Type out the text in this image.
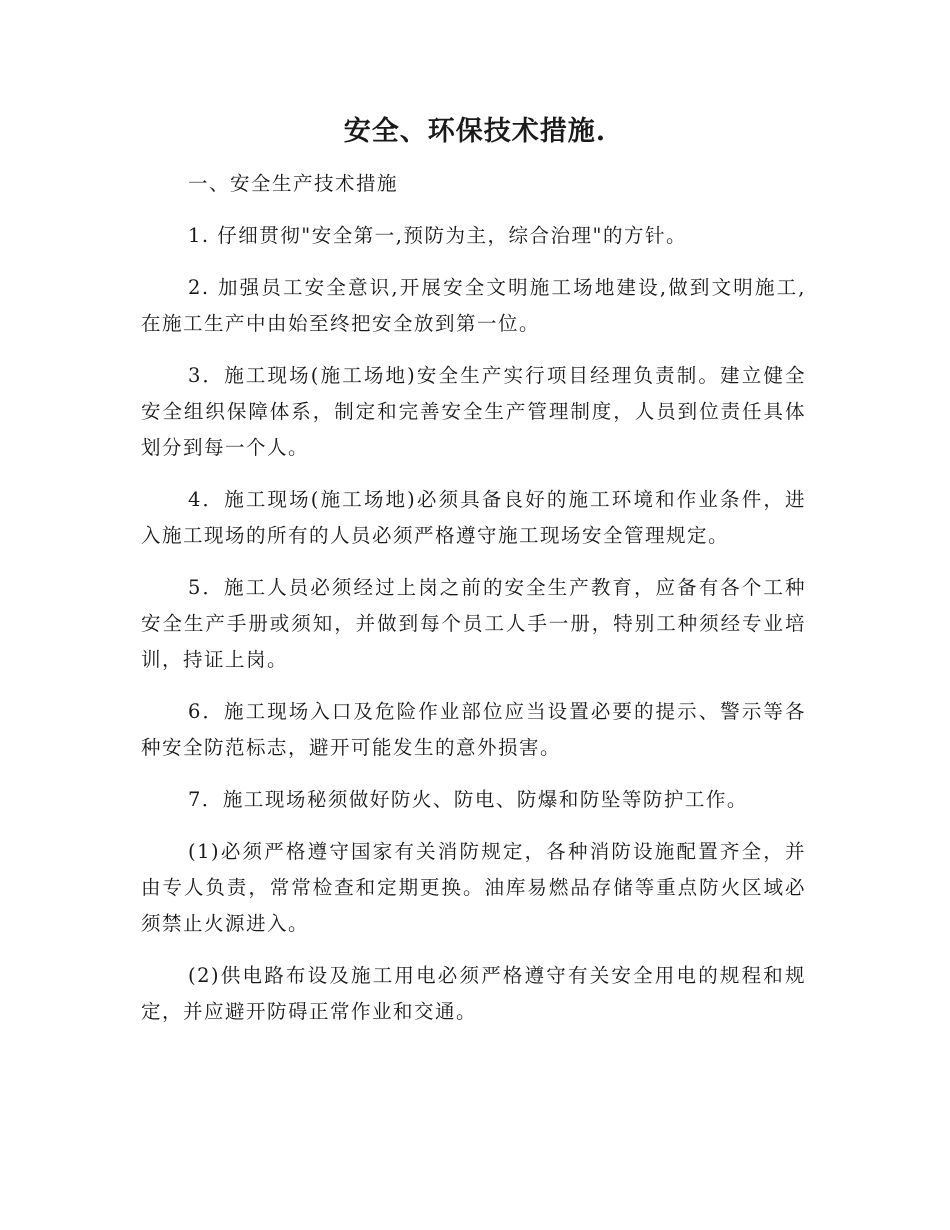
安全、环保技术措施.

一、安全生产技术措施

1. 仔细贯彻"安全第一,预防为主，综合治理"的方针。

2. 加强员工安全意识,开展安全文明施工场地建设,做到文明施工,在施工生产中由始至终把安全放到第一位。

3．施工现场(施工场地)安全生产实行项目经理负责制。建立健全安全组织保障体系，制定和完善安全生产管理制度，人员到位责任具体划分到每一个人。

4．施工现场(施工场地)必须具备良好的施工环境和作业条件，进入施工现场的所有的人员必须严格遵守施工现场安全管理规定。

5．施工人员必须经过上岗之前的安全生产教育，应备有各个工种安全生产手册或须知，并做到每个员工人手一册，特别工种须经专业培训，持证上岗。

6．施工现场入口及危险作业部位应当设置必要的提示、警示等各种安全防范标志，避开可能发生的意外损害。

7．施工现场秘须做好防火、防电、防爆和防坠等防护工作。

(1)必须严格遵守国家有关消防规定，各种消防设施配置齐全，并由专人负责，常常检查和定期更换。油库易燃品存储等重点防火区域必须禁止火源进入。

(2)供电路布设及施工用电必须严格遵守有关安全用电的规程和规定，并应避开防碍正常作业和交通。
